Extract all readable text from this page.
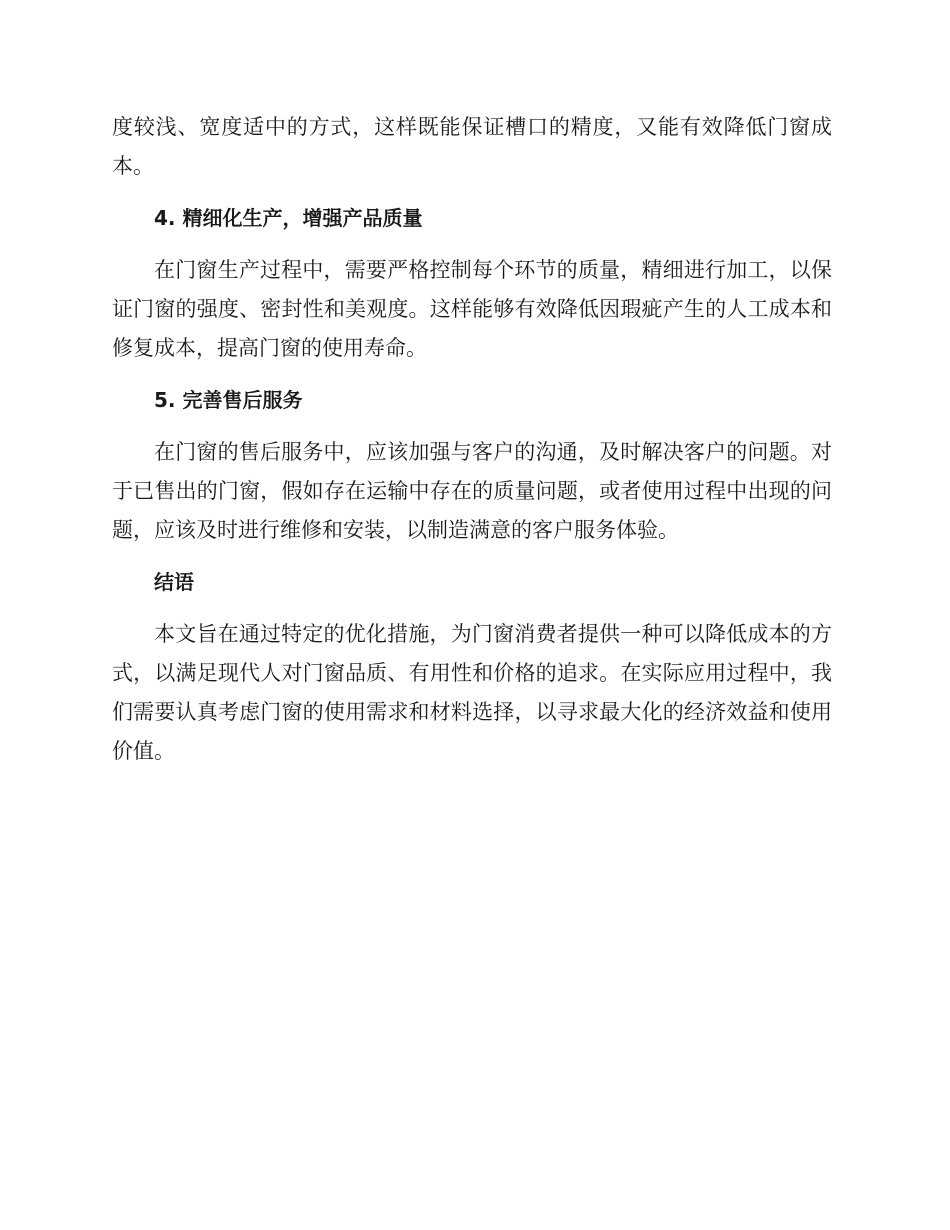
度较浅、宽度适中的方式，这样既能保证槽口的精度，又能有效降低门窗成本。

4. 精细化生产，增强产品质量

在门窗生产过程中，需要严格控制每个环节的质量，精细进行加工，以保证门窗的强度、密封性和美观度。这样能够有效降低因瑕疵产生的人工成本和修复成本，提高门窗的使用寿命。

5. 完善售后服务

在门窗的售后服务中，应该加强与客户的沟通，及时解决客户的问题。对于已售出的门窗，假如存在运输中存在的质量问题，或者使用过程中出现的问题，应该及时进行维修和安装，以制造满意的客户服务体验。

结语

本文旨在通过特定的优化措施，为门窗消费者提供一种可以降低成本的方式，以满足现代人对门窗品质、有用性和价格的追求。在实际应用过程中，我们需要认真考虑门窗的使用需求和材料选择，以寻求最大化的经济效益和使用价值。
